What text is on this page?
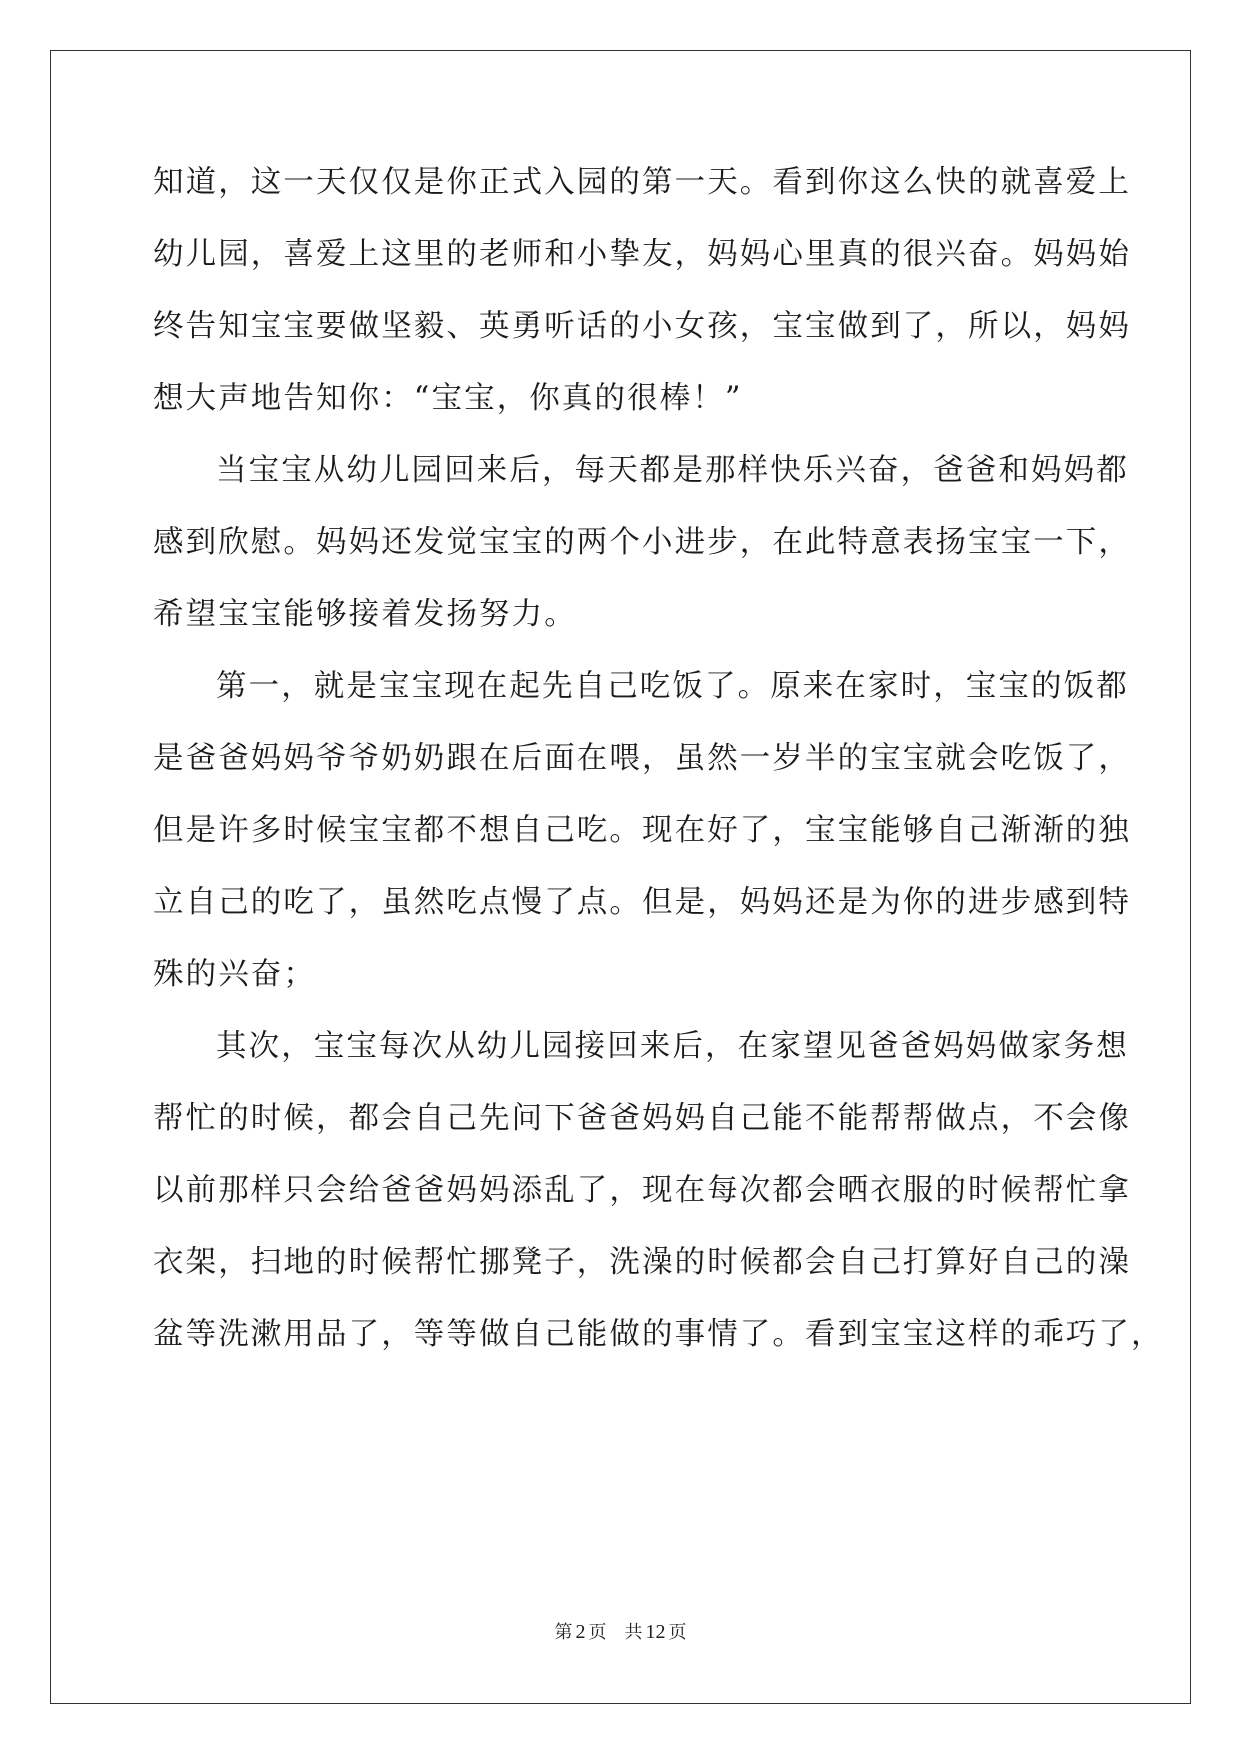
知道，这一天仅仅是你正式入园的第一天。看到你这么快的就喜爱上
幼儿园，喜爱上这里的老师和小挚友，妈妈心里真的很兴奋。妈妈始
终告知宝宝要做坚毅、英勇听话的小女孩，宝宝做到了，所以，妈妈
想大声地告知你：“宝宝，你真的很棒！”
当宝宝从幼儿园回来后，每天都是那样快乐兴奋，爸爸和妈妈都
感到欣慰。妈妈还发觉宝宝的两个小进步，在此特意表扬宝宝一下，
希望宝宝能够接着发扬努力。
第一，就是宝宝现在起先自己吃饭了。原来在家时，宝宝的饭都
是爸爸妈妈爷爷奶奶跟在后面在喂，虽然一岁半的宝宝就会吃饭了，
但是许多时候宝宝都不想自己吃。现在好了，宝宝能够自己渐渐的独
立自己的吃了，虽然吃点慢了点。但是，妈妈还是为你的进步感到特
殊的兴奋；
其次，宝宝每次从幼儿园接回来后，在家望见爸爸妈妈做家务想
帮忙的时候，都会自己先问下爸爸妈妈自己能不能帮帮做点，不会像
以前那样只会给爸爸妈妈添乱了，现在每次都会晒衣服的时候帮忙拿
衣架，扫地的时候帮忙挪凳子，洗澡的时候都会自己打算好自己的澡
盆等洗漱用品了，等等做自己能做的事情了。看到宝宝这样的乖巧了，
第 2 页 共 12 页
